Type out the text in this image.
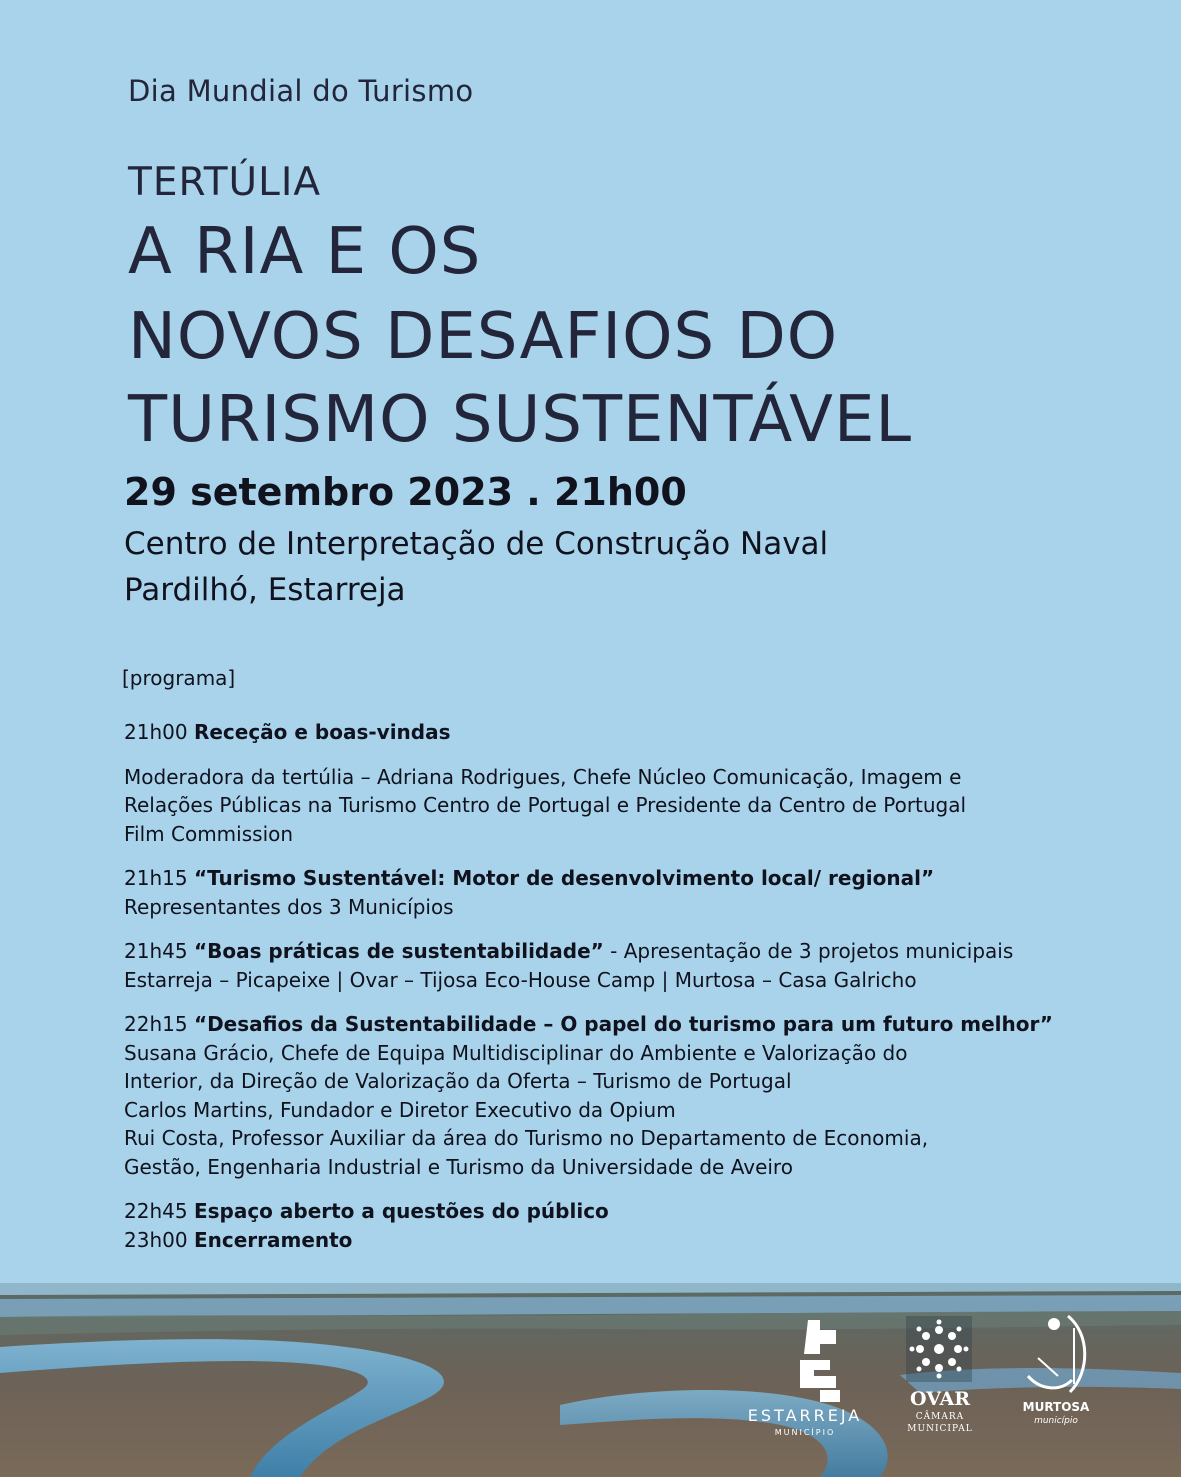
Dia Mundial do Turismo
TERTÚLIA
A RIA E OS
NOVOS DESAFIOS DO
TURISMO SUSTENTÁVEL
29 setembro 2023 . 21h00
Centro de Interpretação de Construção Naval
Pardilhó, Estarreja
[programa]
21h00 Receção e boas-vindas
Moderadora da tertúlia – Adriana Rodrigues, Chefe Núcleo Comunicação, Imagem e
Relações Públicas na Turismo Centro de Portugal e Presidente da Centro de Portugal
Film Commission
21h15 “Turismo Sustentável: Motor de desenvolvimento local/ regional”
Representantes dos 3 Municípios
21h45 “Boas práticas de sustentabilidade” - Apresentação de 3 projetos municipais
Estarreja – Picapeixe | Ovar – Tijosa Eco-House Camp | Murtosa – Casa Galricho
22h15 “Desafios da Sustentabilidade – O papel do turismo para um futuro melhor”
Susana Grácio, Chefe de Equipa Multidisciplinar do Ambiente e Valorização do
Interior, da Direção de Valorização da Oferta – Turismo de Portugal
Carlos Martins, Fundador e Diretor Executivo da Opium
Rui Costa, Professor Auxiliar da área do Turismo no Departamento de Economia,
Gestão, Engenharia Industrial e Turismo da Universidade de Aveiro
22h45 Espaço aberto a questões do público
23h00 Encerramento
ESTARREJA
MUNICÍPIO
OVAR
CÂMARA
MUNICIPAL
MURTOSA
município
